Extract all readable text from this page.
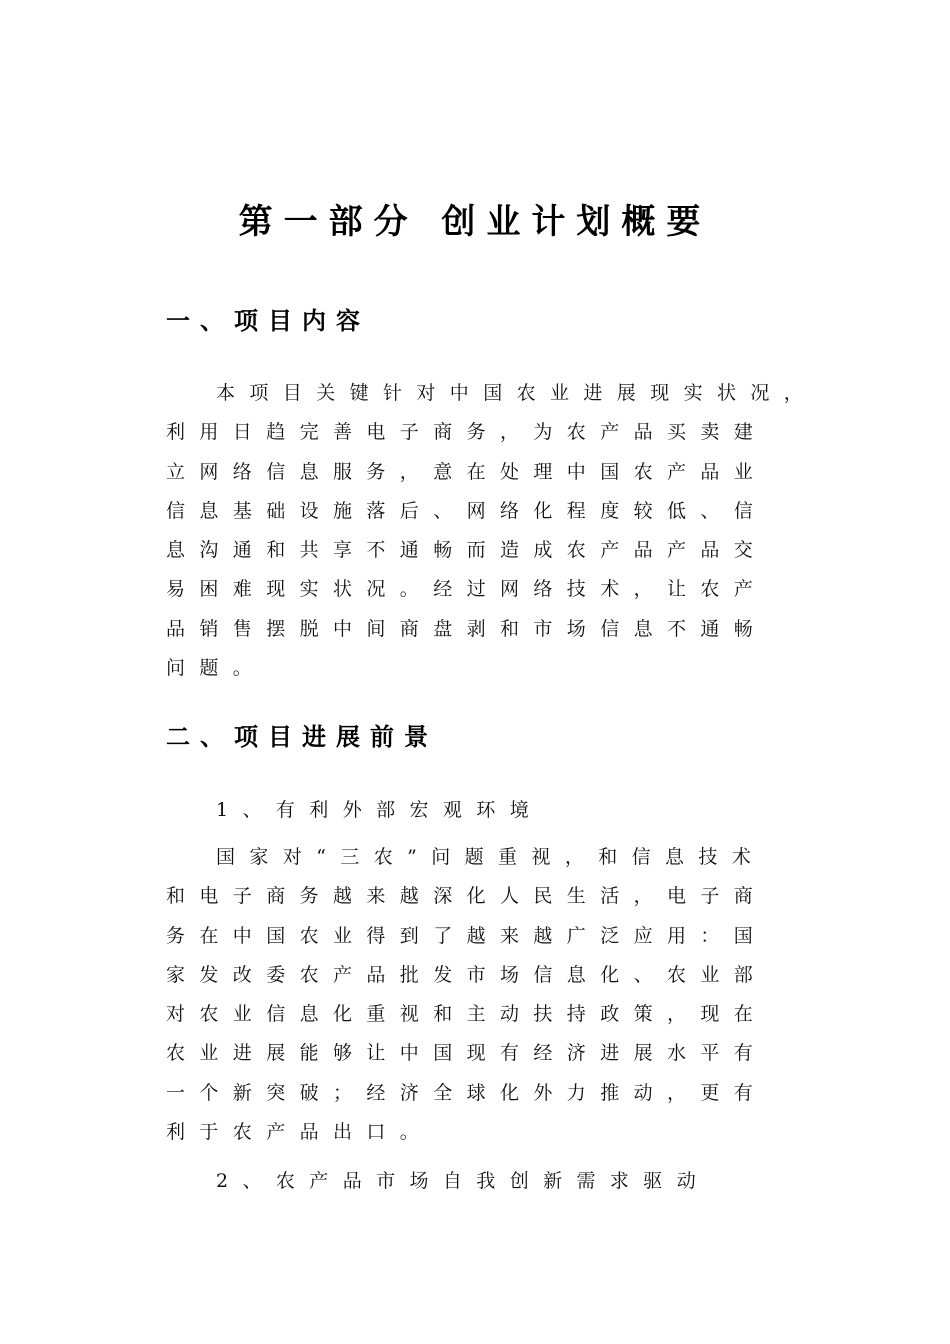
第一部分 创业计划概要
一、项目内容
本项目关键针对中国农业进展现实状况，
利用日趋完善电子商务，为农产品买卖建
立网络信息服务，意在处理中国农产品业
信息基础设施落后、网络化程度较低、信
息沟通和共享不通畅而造成农产品产品交
易困难现实状况。经过网络技术，让农产
品销售摆脱中间商盘剥和市场信息不通畅
问题。
二、项目进展前景
1、有利外部宏观环境
国家对“三农”问题重视，和信息技术
和电子商务越来越深化人民生活，电子商
务在中国农业得到了越来越广泛应用：国
家发改委农产品批发市场信息化、农业部
对农业信息化重视和主动扶持政策，现在
农业进展能够让中国现有经济进展水平有
一个新突破；经济全球化外力推动，更有
利于农产品出口。
2、农产品市场自我创新需求驱动
